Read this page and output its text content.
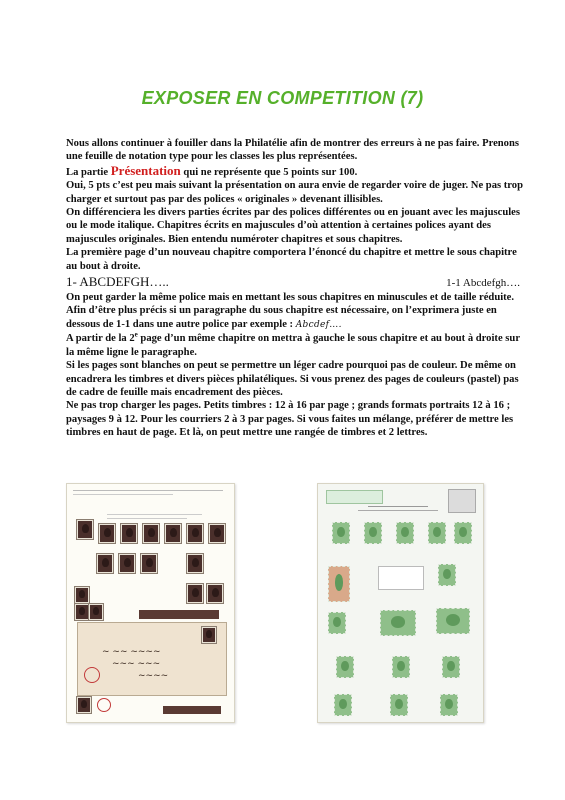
EXPOSER EN COMPETITION (7)

Nous allons continuer à fouiller dans la Philatélie afin de montrer des erreurs à ne pas faire. Prenons une feuille de notation type pour les classes les plus représentées.

La partie Présentation qui ne représente que 5 points sur 100.

Oui, 5 pts c’est peu mais suivant la présentation on aura envie de regarder voire de juger. Ne pas trop charger et surtout pas par des polices « originales » devenant illisibles.

On différenciera les divers parties écrites par des polices différentes ou en jouant avec les majuscules ou le mode italique. Chapitres écrits en majuscules d’où attention à certaines polices ayant des majuscules originales. Bien entendu numéroter chapitres et sous chapitres.

La première page d’un nouveau chapitre comportera l’énoncé du chapitre et mettre le sous chapitre au bout à droite.

1- ABCDEFGH…..	1-1 Abcdefgh….

On peut garder la même police mais en mettant les sous chapitres en minuscules et de taille réduite.

Afin d’être plus précis si un paragraphe du sous chapitre est nécessaire, on l’exprimera juste en dessous de 1-1 dans une autre police par exemple : Abcdef….

A partir de la 2e page d’un même chapitre on mettra à gauche le sous chapitre et au bout à droite sur la même ligne le paragraphe.

Si les pages sont blanches on peut se permettre un léger cadre pourquoi pas de couleur. De même on encadrera les timbres et divers pièces philatéliques. Si vous prenez des pages de couleurs (pastel) pas de cadre de feuille mais encadrement des pièces.

Ne pas trop charger les pages. Petits timbres : 12 à 16 par page ; grands formats portraits 12 à 16 ; paysages 9 à 12. Pour les courriers 2 à 3 par pages. Si vous faites un mélange, préférer de mettre les timbres en haut de page. Et là, on peut mettre une rangée de timbres et 2 lettres.

~ ~~ ~~~~
~~~ ~~~
~~~~
